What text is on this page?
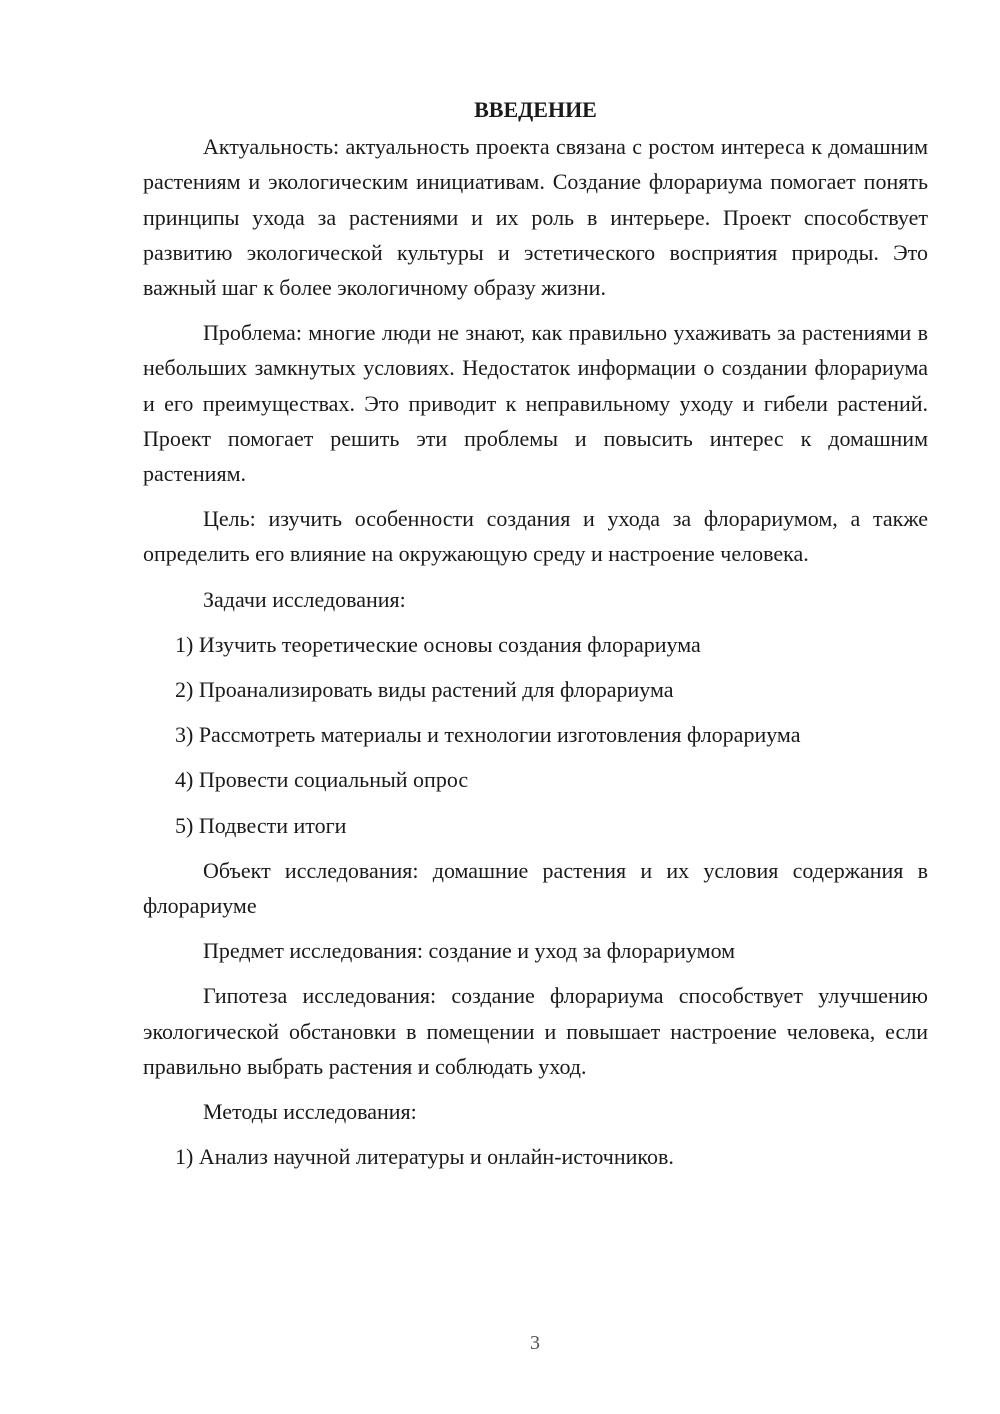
ВВЕДЕНИЕ

Актуальность: актуальность проекта связана с ростом интереса к домашним растениям и экологическим инициативам. Создание флорариума помогает понять принципы ухода за растениями и их роль в интерьере. Проект способствует развитию экологической культуры и эстетического восприятия природы. Это важный шаг к более экологичному образу жизни.

Проблема: многие люди не знают, как правильно ухаживать за растениями в небольших замкнутых условиях. Недостаток информации о создании флорариума и его преимуществах. Это приводит к неправильному уходу и гибели растений. Проект помогает решить эти проблемы и повысить интерес к домашним растениям.

Цель: изучить особенности создания и ухода за флорариумом, а также определить его влияние на окружающую среду и настроение человека.

Задачи исследования:

1) Изучить теоретические основы создания флорариума

2) Проанализировать виды растений для флорариума

3) Рассмотреть материалы и технологии изготовления флорариума

4) Провести социальный опрос

5) Подвести итоги

Объект исследования: домашние растения и их условия содержания в флорариуме

Предмет исследования: создание и уход за флорариумом

Гипотеза исследования: создание флорариума способствует улучшению экологической обстановки в помещении и повышает настроение человека, если правильно выбрать растения и соблюдать уход.

Методы исследования:

1) Анализ научной литературы и онлайн-источников.

3
